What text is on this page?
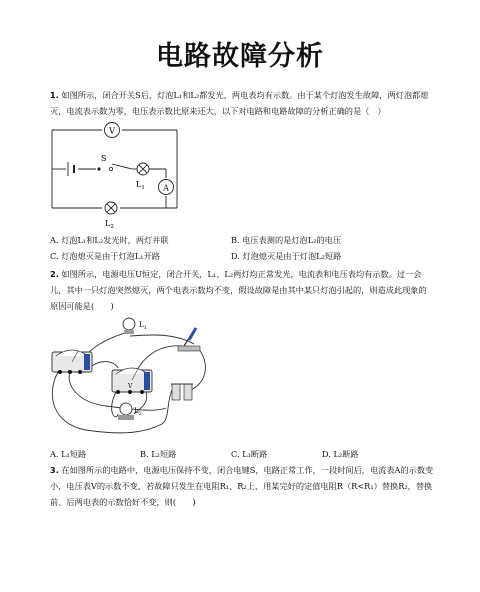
电路故障分析
1. 如图所示，闭合开关S后，灯泡L₁和L₂都发光，两电表均有示数。由于某个灯泡发生故障，两灯泡都熄灭，电流表示数为零，电压表示数比原来还大，以下对电路和电路故障的分析正确的是（　）
S
V
$L_1$ A
$L_2$
A. 灯泡L₁和L₂发光时，两灯并联	B. 电压表测的是灯泡L₂的电压
C. 灯泡熄灭是由于灯泡L₁开路	D. 灯泡熄灭是由于灯泡L₂短路
2. 如图所示，电源电压U恒定，闭合开关，L₁、L₂两灯均正常发光，电流表和电压表均有示数。过一会儿，其中一只灯泡突然熄灭，两个电表示数均不变，假设故障是由其中某只灯泡引起的，则造成此现象的原因可能是(　　)
V
$L_1$
$L_2$
A. L₁短路	B. L₂短路	C. L₁断路	D. L₂断路
3. 在如图所示的电路中，电源电压保持不变，闭合电键S，电路正常工作，一段时间后，电流表A的示数变小，电压表V的示数不变，若故障只发生在电阻R₁、R₂上，用某完好的定值电阻R（R<R₁）替换R₂，替换前、后两电表的示数恰好不变，则(　　)
